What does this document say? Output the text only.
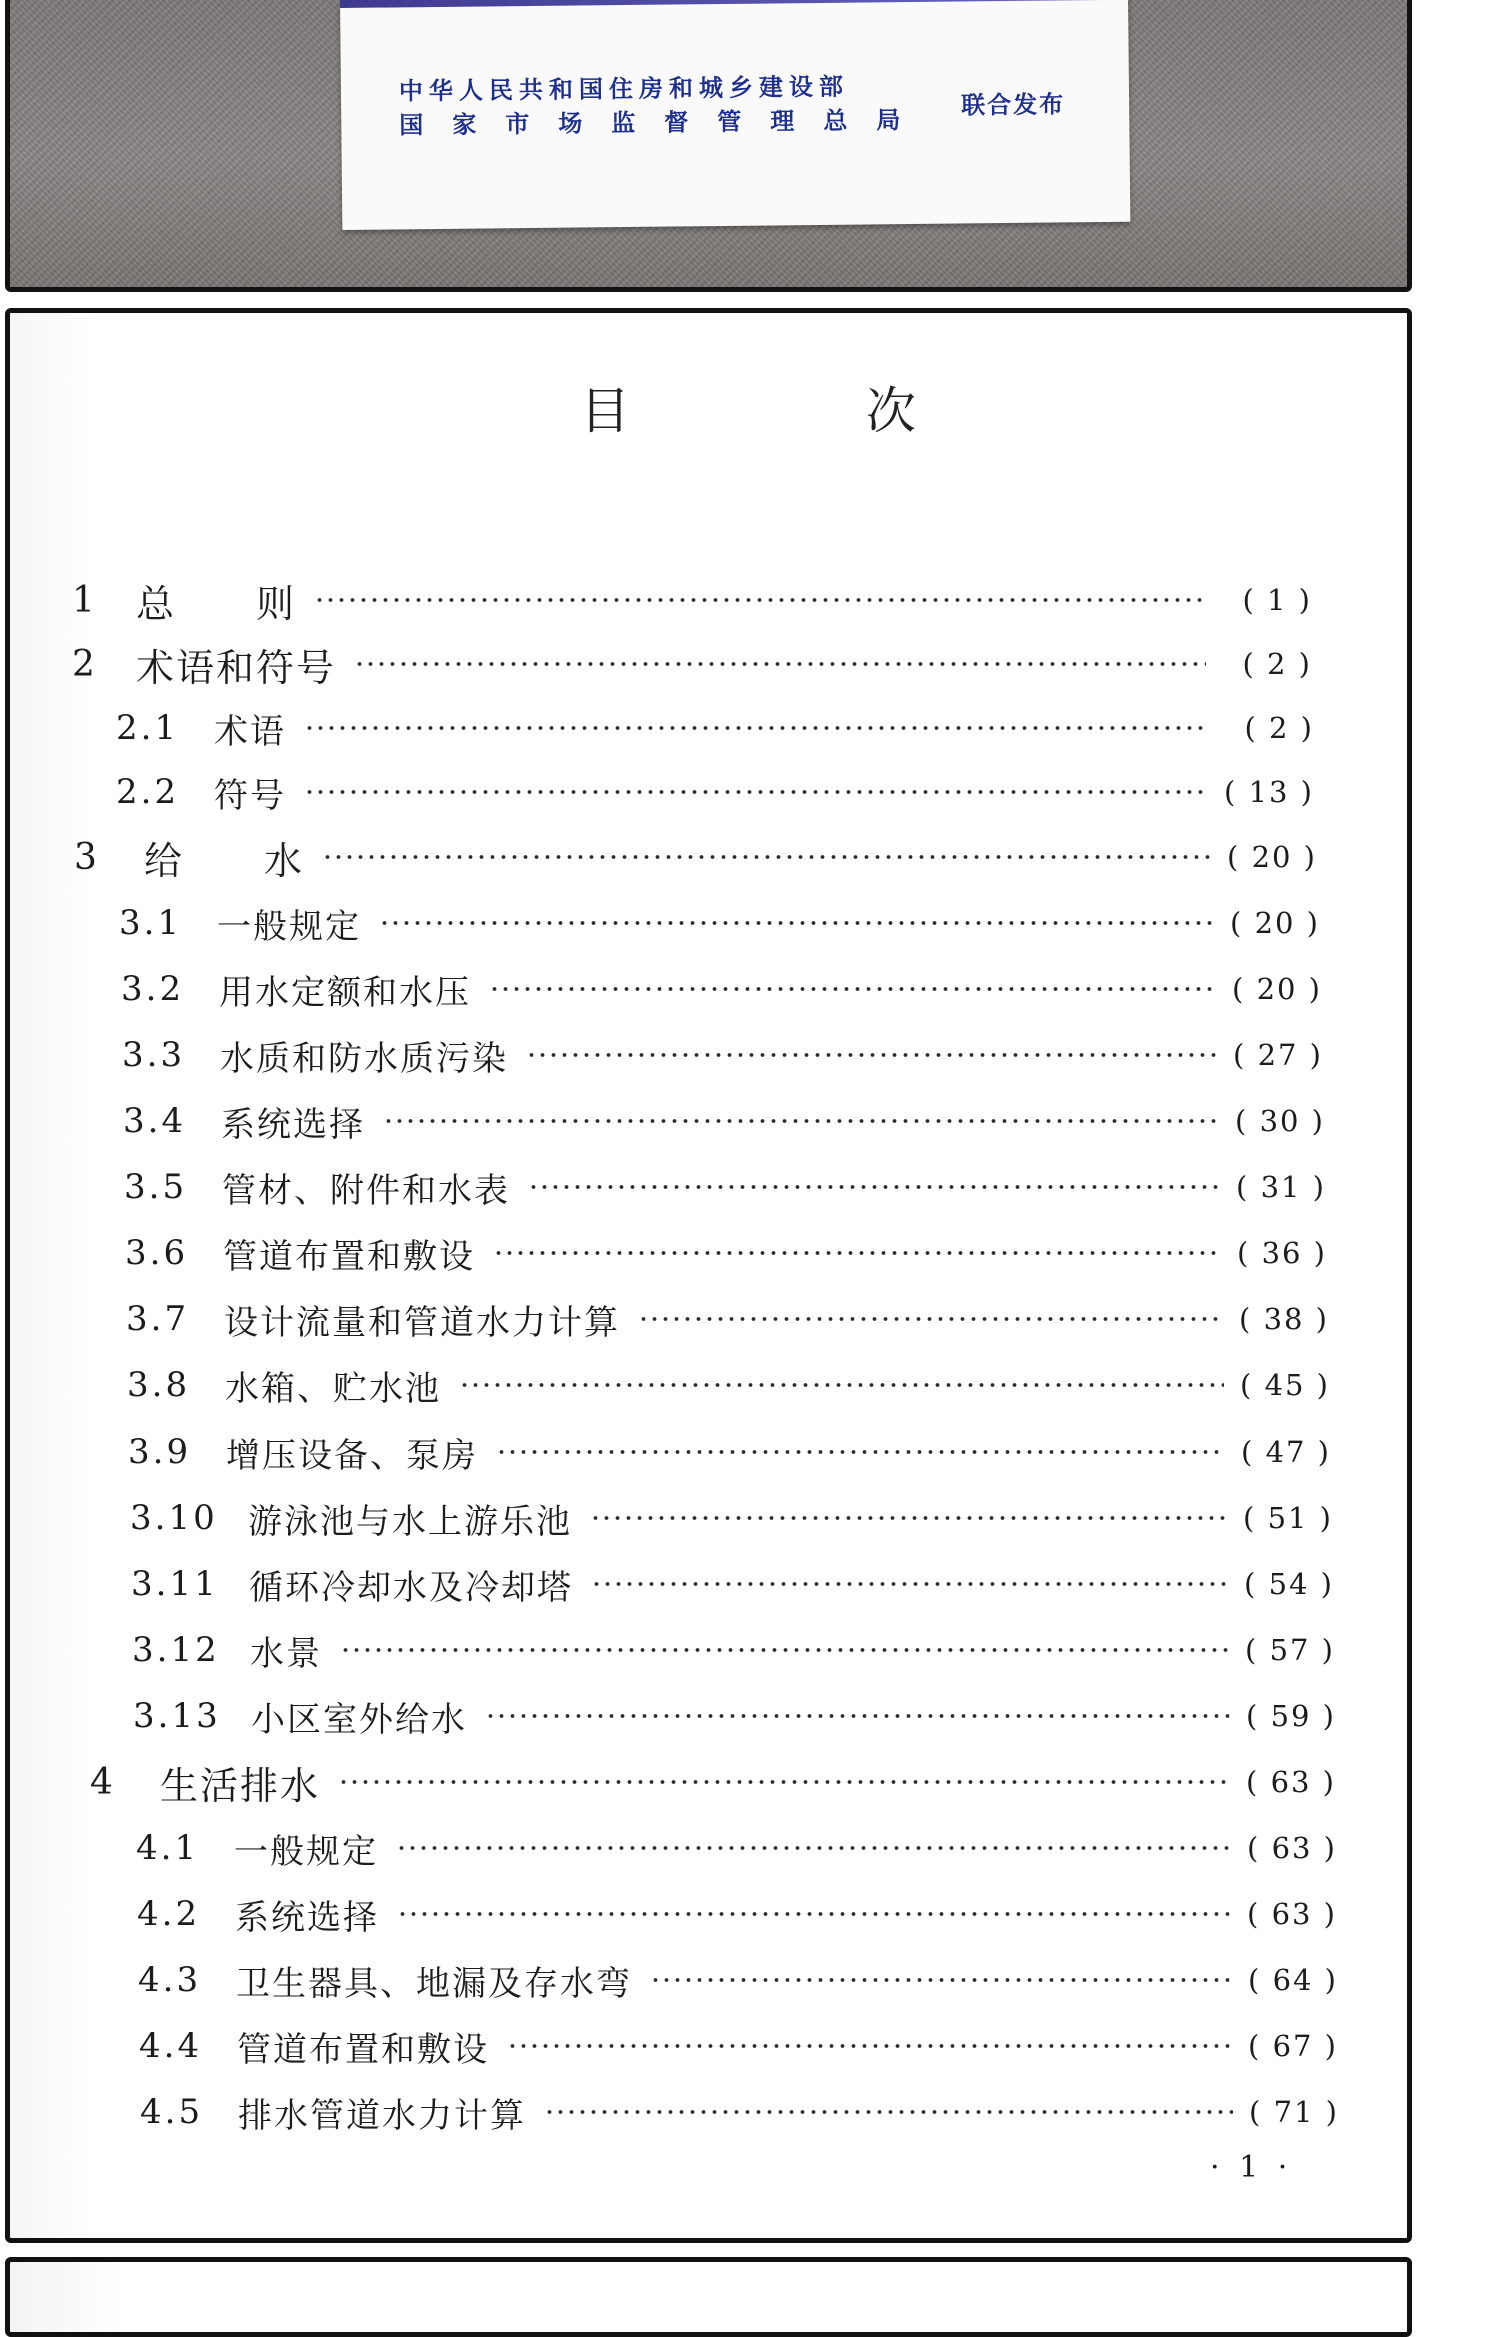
中华人民共和国住房和城乡建设部
国家市场监督管理总局
联合发布
目 次
1	总　　则	( 1 )
2	术语和符号	( 2 )
2.1	术语	( 2 )
2.2	符号	( 13 )
3	给　　水	( 20 )
3.1	一般规定	( 20 )
3.2	用水定额和水压	( 20 )
3.3	水质和防水质污染	( 27 )
3.4	系统选择	( 30 )
3.5	管材、附件和水表	( 31 )
3.6	管道布置和敷设	( 36 )
3.7	设计流量和管道水力计算	( 38 )
3.8	水箱、贮水池	( 45 )
3.9	增压设备、泵房	( 47 )
3.10 游泳池与水上游乐池	( 51 )
3.11 循环冷却水及冷却塔	( 54 )
3.12 水景	( 57 )
3.13 小区室外给水	( 59 )
4	生活排水	( 63 )
4.1	一般规定	( 63 )
4.2	系统选择	( 63 )
4.3	卫生器具、地漏及存水弯	( 64 )
4.4	管道布置和敷设	( 67 )
4.5	排水管道水力计算	( 71 )
· 1 ·
